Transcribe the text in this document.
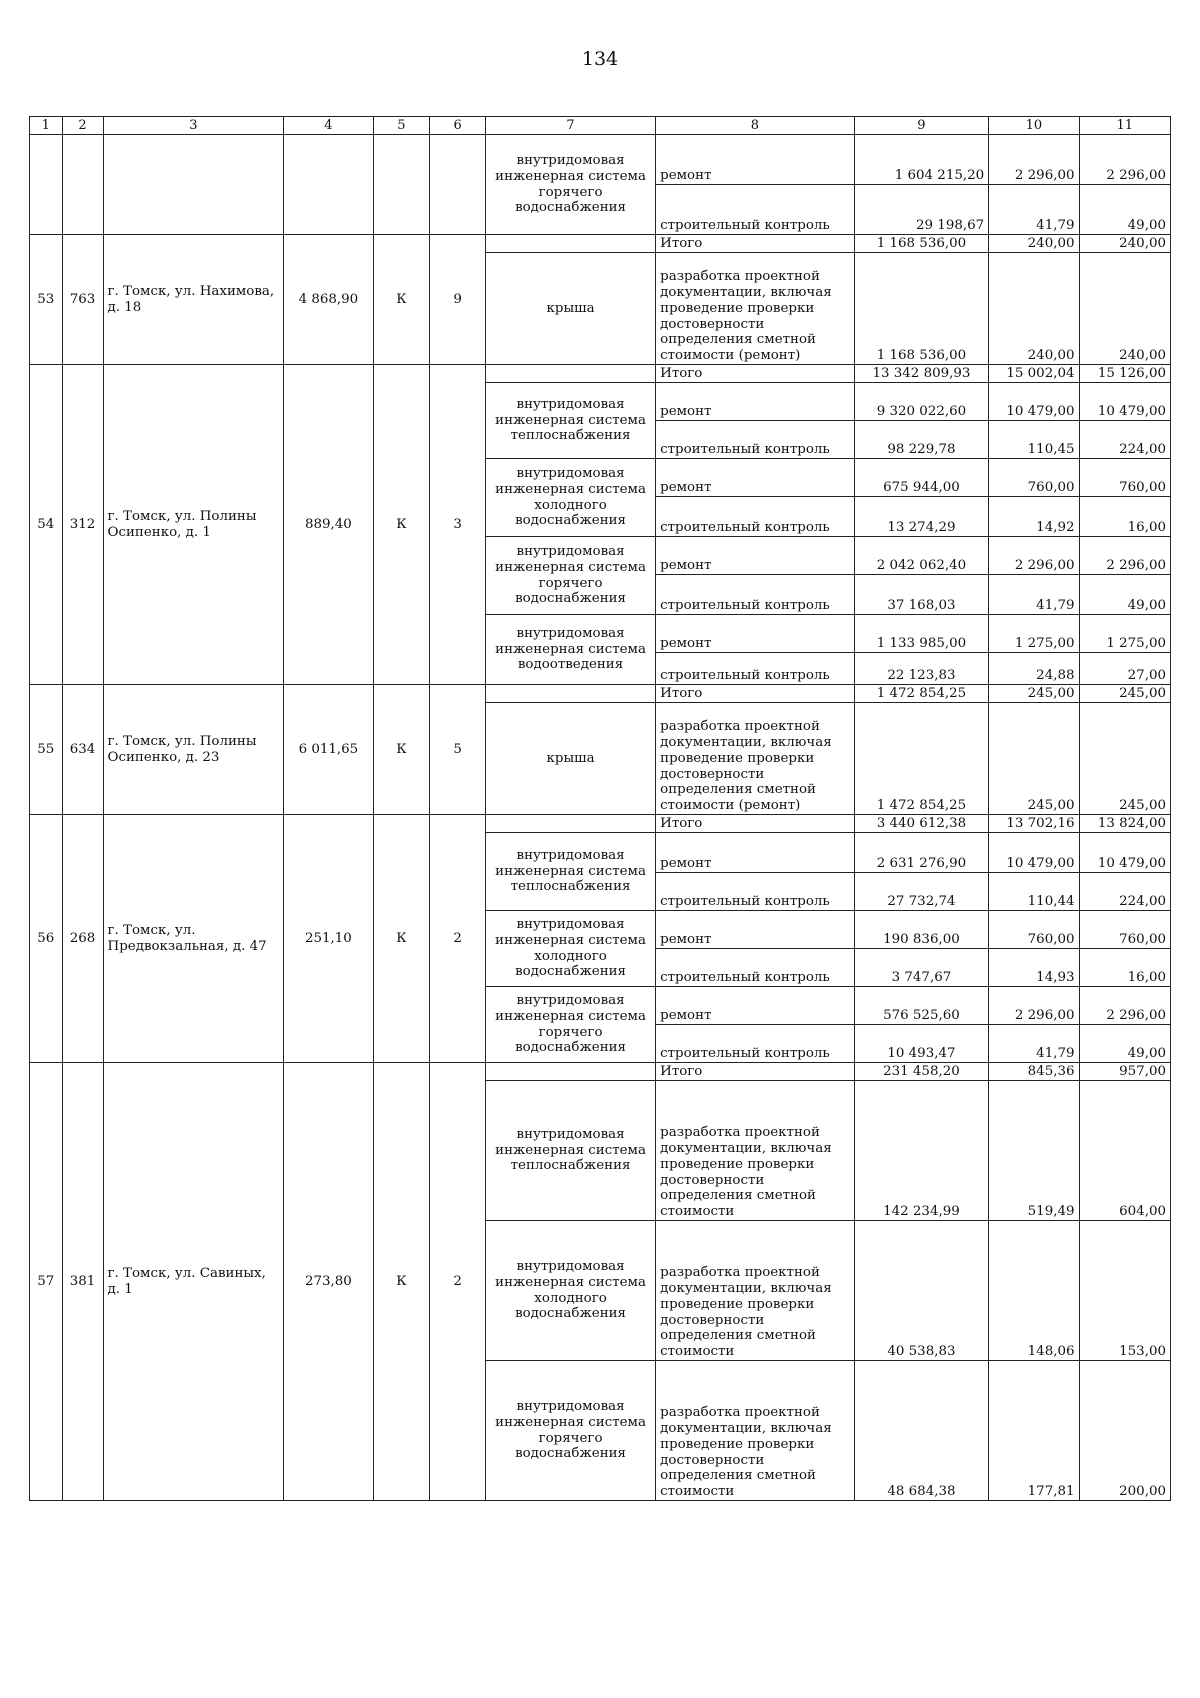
134
1	2	3	4	5	6	7	8	9	10	11
						внутридомовая инженерная система горячего водоснабжения	ремонт	1 604 215,20	2 296,00	2 296,00
							строительный контроль	29 198,67	41,79	49,00
53	763	г. Томск, ул. Нахимова, д. 18	4 868,90	К	9		Итого	1 168 536,00	240,00	240,00
						крыша	разработка проектной документации, включая проведение проверки достоверности определения сметной стоимости (ремонт)	1 168 536,00	240,00	240,00
54	312	г. Томск, ул. Полины Осипенко, д. 1	889,40	К	3		Итого	13 342 809,93	15 002,04	15 126,00
						внутридомовая инженерная система теплоснабжения	ремонт	9 320 022,60	10 479,00	10 479,00
							строительный контроль	98 229,78	110,45	224,00
						внутридомовая инженерная система холодного водоснабжения	ремонт	675 944,00	760,00	760,00
							строительный контроль	13 274,29	14,92	16,00
						внутридомовая инженерная система горячего водоснабжения	ремонт	2 042 062,40	2 296,00	2 296,00
							строительный контроль	37 168,03	41,79	49,00
						внутридомовая инженерная система водоотведения	ремонт	1 133 985,00	1 275,00	1 275,00
							строительный контроль	22 123,83	24,88	27,00
55	634	г. Томск, ул. Полины Осипенко, д. 23	6 011,65	К	5		Итого	1 472 854,25	245,00	245,00
						крыша	разработка проектной документации, включая проведение проверки достоверности определения сметной стоимости (ремонт)	1 472 854,25	245,00	245,00
56	268	г. Томск, ул. Предвокзальная, д. 47	251,10	К	2		Итого	3 440 612,38	13 702,16	13 824,00
						внутридомовая инженерная система теплоснабжения	ремонт	2 631 276,90	10 479,00	10 479,00
							строительный контроль	27 732,74	110,44	224,00
						внутридомовая инженерная система холодного водоснабжения	ремонт	190 836,00	760,00	760,00
							строительный контроль	3 747,67	14,93	16,00
						внутридомовая инженерная система горячего водоснабжения	ремонт	576 525,60	2 296,00	2 296,00
							строительный контроль	10 493,47	41,79	49,00
57	381	г. Томск, ул. Савиных, д. 1	273,80	К	2		Итого	231 458,20	845,36	957,00
						внутридомовая инженерная система теплоснабжения	разработка проектной документации, включая проведение проверки достоверности определения сметной стоимости	142 234,99	519,49	604,00
						внутридомовая инженерная система холодного водоснабжения	разработка проектной документации, включая проведение проверки достоверности определения сметной стоимости	40 538,83	148,06	153,00
						внутридомовая инженерная система горячего водоснабжения	разработка проектной документации, включая проведение проверки достоверности определения сметной стоимости	48 684,38	177,81	200,00
